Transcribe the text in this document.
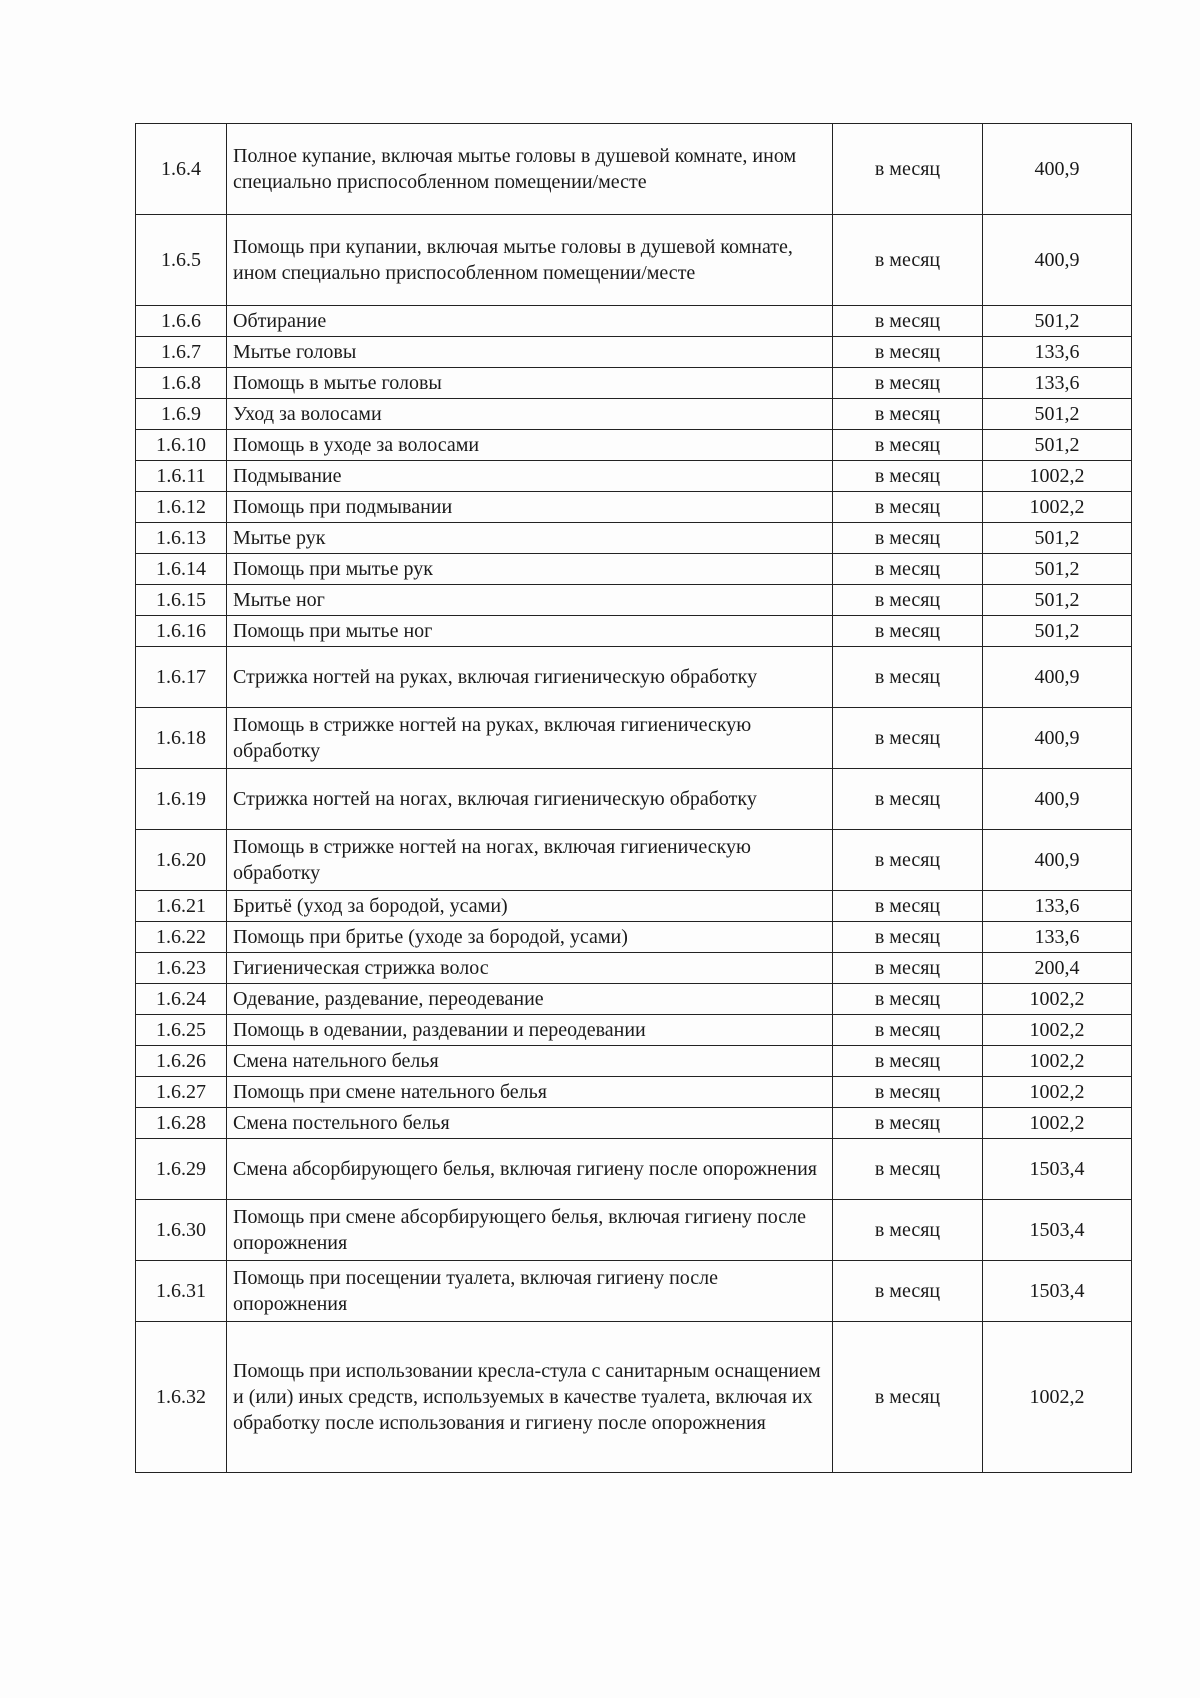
1.6.4	Полное купание, включая мытье головы в душевой комнате, ином специально приспособленном помещении/месте	в месяц	400,9
1.6.5	Помощь при купании, включая мытье головы в душевой комнате, ином специально приспособленном помещении/месте	в месяц	400,9
1.6.6	Обтирание	в месяц	501,2
1.6.7	Мытье головы	в месяц	133,6
1.6.8	Помощь в мытье головы	в месяц	133,6
1.6.9	Уход за волосами	в месяц	501,2
1.6.10	Помощь в уходе за волосами	в месяц	501,2
1.6.11	Подмывание	в месяц	1002,2
1.6.12	Помощь при подмывании	в месяц	1002,2
1.6.13	Мытье рук	в месяц	501,2
1.6.14	Помощь при мытье рук	в месяц	501,2
1.6.15	Мытье ног	в месяц	501,2
1.6.16	Помощь при мытье ног	в месяц	501,2
1.6.17	Стрижка ногтей на руках, включая гигиеническую обработку	в месяц	400,9
1.6.18	Помощь в стрижке ногтей на руках, включая гигиеническую обработку	в месяц	400,9
1.6.19	Стрижка ногтей на ногах, включая гигиеническую обработку	в месяц	400,9
1.6.20	Помощь в стрижке ногтей на ногах, включая гигиеническую обработку	в месяц	400,9
1.6.21	Бритьё (уход за бородой, усами)	в месяц	133,6
1.6.22	Помощь при бритье (уходе за бородой, усами)	в месяц	133,6
1.6.23	Гигиеническая стрижка волос	в месяц	200,4
1.6.24	Одевание, раздевание, переодевание	в месяц	1002,2
1.6.25	Помощь в одевании, раздевании и переодевании	в месяц	1002,2
1.6.26	Смена нательного белья	в месяц	1002,2
1.6.27	Помощь при смене нательного белья	в месяц	1002,2
1.6.28	Смена постельного белья	в месяц	1002,2
1.6.29	Смена абсорбирующего белья, включая гигиену после опорожнения	в месяц	1503,4
1.6.30	Помощь при смене абсорбирующего белья, включая гигиену после опорожнения	в месяц	1503,4
1.6.31	Помощь при посещении туалета, включая гигиену после опорожнения	в месяц	1503,4
1.6.32	Помощь при использовании кресла-стула с санитарным оснащением и (или) иных средств, используемых в качестве туалета, включая их обработку после использования и гигиену после опорожнения	в месяц	1002,2
